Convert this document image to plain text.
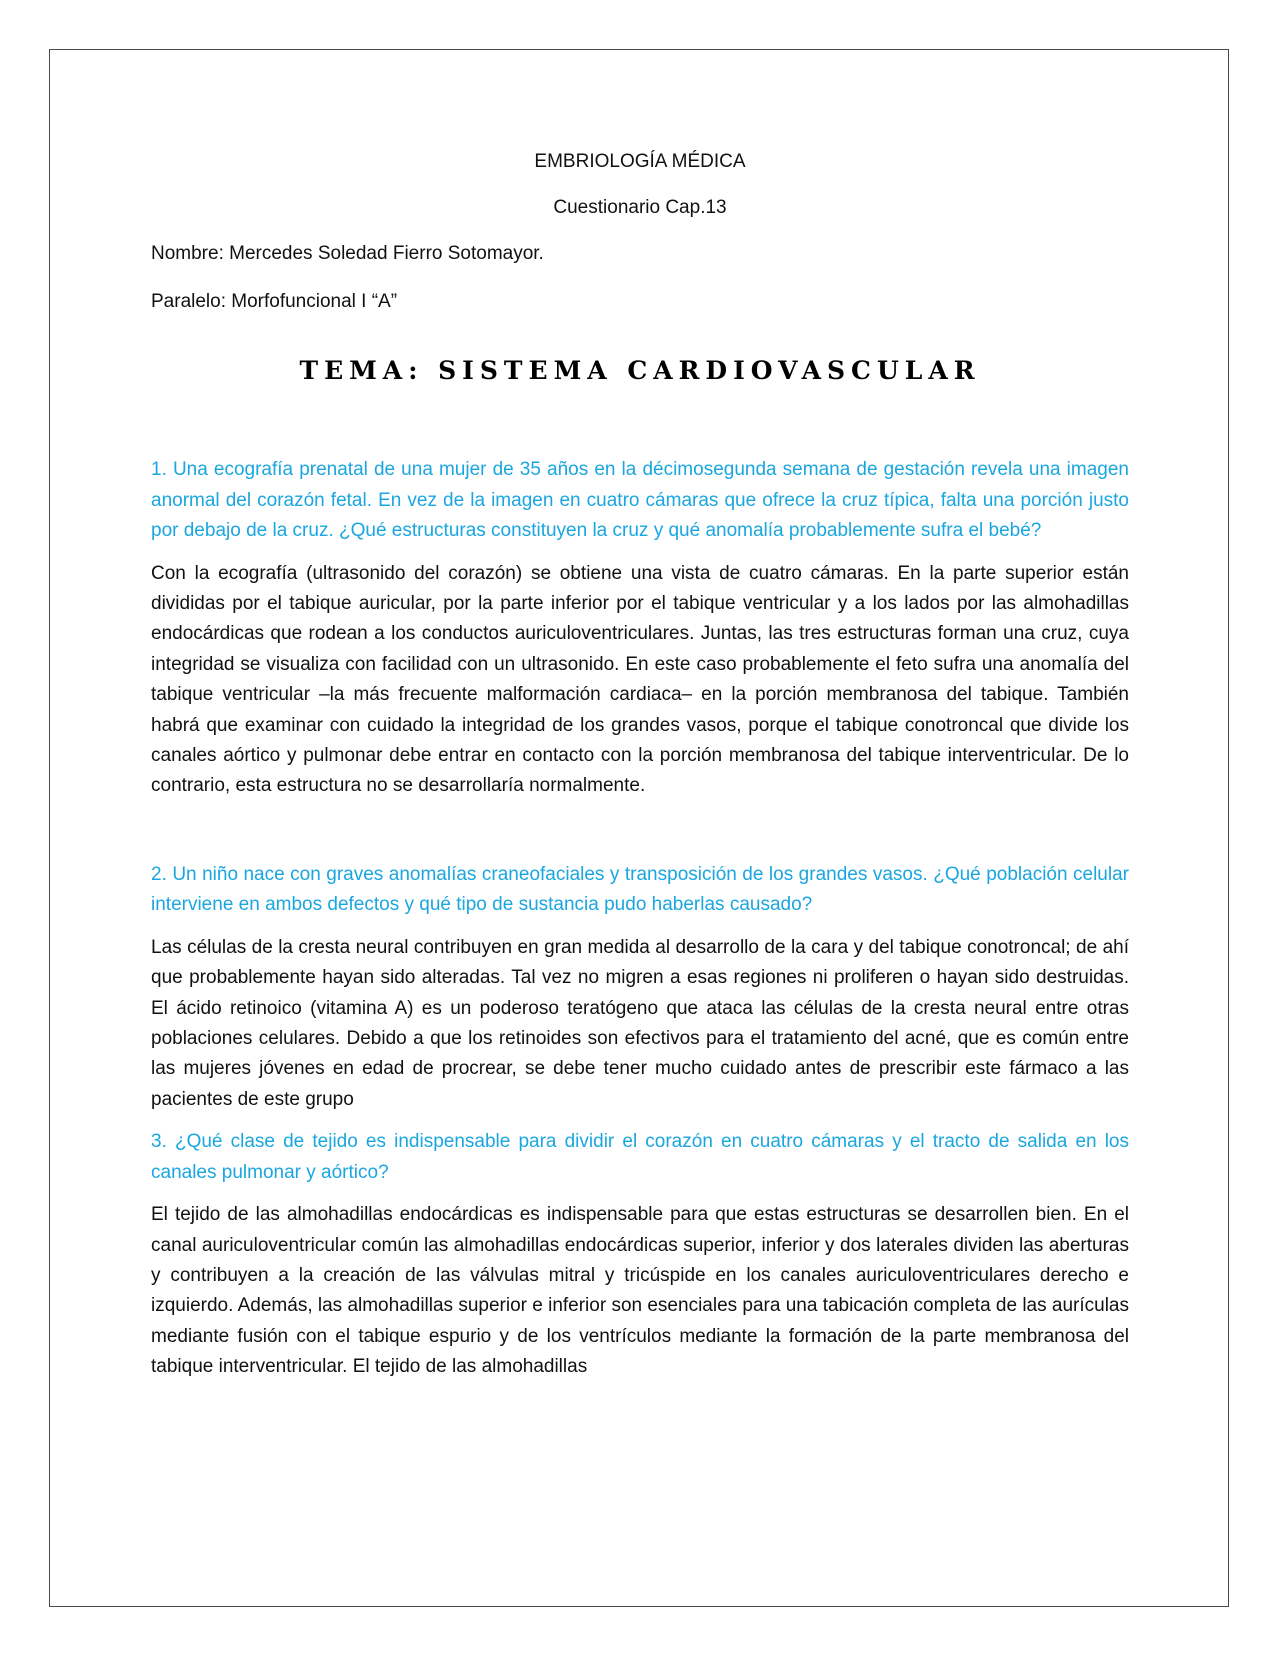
EMBRIOLOGÍA MÉDICA

Cuestionario Cap.13

Nombre: Mercedes Soledad Fierro Sotomayor.

Paralelo: Morfofuncional I “A”

TEMA: SISTEMA CARDIOVASCULAR

1. Una ecografía prenatal de una mujer de 35 años en la décimosegunda semana de gestación revela una imagen anormal del corazón fetal. En vez de la imagen en cuatro cámaras que ofrece la cruz típica, falta una porción justo por debajo de la cruz. ¿Qué estructuras constituyen la cruz y qué anomalía probablemente sufra el bebé?

Con la ecografía (ultrasonido del corazón) se obtiene una vista de cuatro cámaras. En la parte superior están divididas por el tabique auricular, por la parte inferior por el tabique ventricular y a los lados por las almohadillas endocárdicas que rodean a los conductos auriculoventriculares. Juntas, las tres estructuras forman una cruz, cuya integridad se visualiza con facilidad con un ultrasonido. En este caso probablemente el feto sufra una anomalía del tabique ventricular –la más frecuente malformación cardiaca– en la porción membranosa del tabique. También habrá que examinar con cuidado la integridad de los grandes vasos, porque el tabique conotroncal que divide los canales aórtico y pulmonar debe entrar en contacto con la porción membranosa del tabique interventricular. De lo contrario, esta estructura no se desarrollaría normalmente.

2. Un niño nace con graves anomalías craneofaciales y transposición de los grandes vasos. ¿Qué población celular interviene en ambos defectos y qué tipo de sustancia pudo haberlas causado?

Las células de la cresta neural contribuyen en gran medida al desarrollo de la cara y del tabique conotroncal; de ahí que probablemente hayan sido alteradas. Tal vez no migren a esas regiones ni proliferen o hayan sido destruidas. El ácido retinoico (vitamina A) es un poderoso teratógeno que ataca las células de la cresta neural entre otras poblaciones celulares. Debido a que los retinoides son efectivos para el tratamiento del acné, que es común entre las mujeres jóvenes en edad de procrear, se debe tener mucho cuidado antes de prescribir este fármaco a las pacientes de este grupo

3. ¿Qué clase de tejido es indispensable para dividir el corazón en cuatro cámaras y el tracto de salida en los canales pulmonar y aórtico?

El tejido de las almohadillas endocárdicas es indispensable para que estas estructuras se desarrollen bien. En el canal auriculoventricular común las almohadillas endocárdicas superior, inferior y dos laterales dividen las aberturas y contribuyen a la creación de las válvulas mitral y tricúspide en los canales auriculoventriculares derecho e izquierdo. Además, las almohadillas superior e inferior son esenciales para una tabicación completa de las aurículas mediante fusión con el tabique espurio y de los ventrículos mediante la formación de la parte membranosa del tabique interventricular. El tejido de las almohadillas
